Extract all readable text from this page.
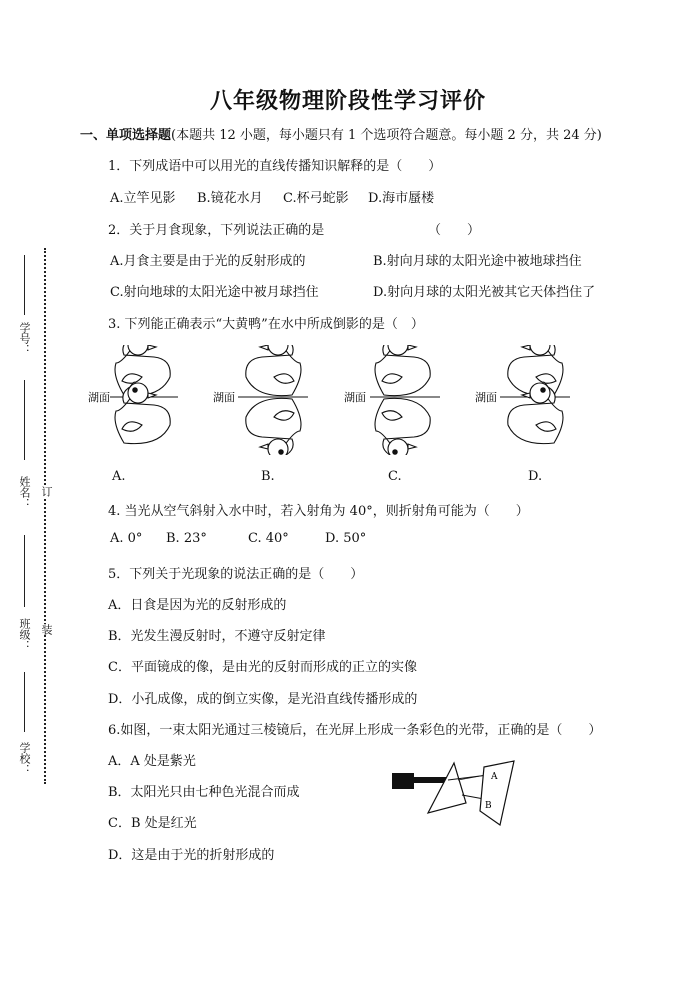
学号：
姓名：
班级：
学校：
订
装
八年级物理阶段性学习评价
一、单项选择题(本题共 12 小题，每小题只有 1 个选项符合题意。每小题 2 分，共 24 分)
1．下列成语中可以用光的直线传播知识解释的是（　　）
A.立竿见影 B.镜花水月 C.杯弓蛇影 D.海市蜃楼
2．关于月食现象，下列说法正确的是	（　　）
A.月食主要是由于光的反射形成的	B.射向月球的太阳光途中被地球挡住
C.射向地球的太阳光途中被月球挡住	D.射向月球的太阳光被其它天体挡住了
3. 下列能正确表示“大黄鸭”在水中所成倒影的是（　）
湖面	湖面	湖面	湖面
A.	B.	C.	D.
4. 当光从空气斜射入水中时，若入射角为 40°，则折射角可能为（　　）
A. 0° B. 23°	C. 40°	D. 50°
5．下列关于光现象的说法正确的是（　　）
A．日食是因为光的反射形成的
B．光发生漫反射时，不遵守反射定律
C．平面镜成的像，是由光的反射而形成的正立的实像
D．小孔成像，成的倒立实像，是光沿直线传播形成的
6.如图，一束太阳光通过三棱镜后，在光屏上形成一条彩色的光带，正确的是（　　）
A．A 处是紫光
B．太阳光只由七种色光混合而成
C．B 处是红光
D．这是由于光的折射形成的
A
B
